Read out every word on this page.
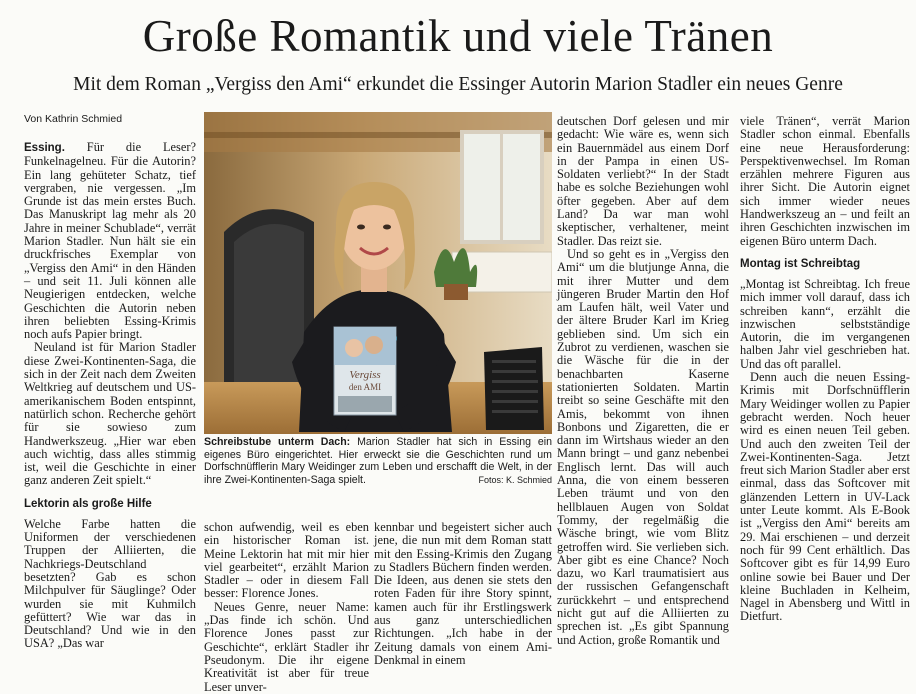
Große Romantik und viele Tränen
Mit dem Roman „Vergiss den Ami“ erkundet die Essinger Autorin Marion Stadler ein neues Genre
Von Kathrin Schmied

Essing. Für die Leser? Funkelnagelneu. Für die Autorin? Ein lang gehüteter Schatz, tief vergraben, nie vergessen. „Im Grunde ist das mein erstes Buch. Das Manuskript lag mehr als 20 Jahre in meiner Schublade“, verrät Marion Stadler. Nun hält sie ein druckfrisches Exemplar von „Vergiss den Ami“ in den Händen – und seit 11. Juli können alle Neugierigen entdecken, welche Geschichten die Autorin neben ihren beliebten Essing-Krimis noch aufs Papier bringt.

Neuland ist für Marion Stadler diese Zwei-Kontinenten-Saga, die sich in der Zeit nach dem Zweiten Weltkrieg auf deutschem und US-amerikanischem Boden entspinnt, natürlich schon. Recherche gehört für sie sowieso zum Handwerkszeug. „Hier war eben auch wichtig, dass alles stimmig ist, weil die Geschichte in einer ganz anderen Zeit spielt.“

Lektorin als große Hilfe

Welche Farbe hatten die Uniformen der verschiedenen Truppen der Alliierten, die Nachkriegs-Deutschland besetzten? Gab es schon Milchpulver für Säuglinge? Oder wurden sie mit Kuhmilch gefüttert? Wie war das in Deutschland? Und wie in den USA? „Das war

Vergiss
den AMI
Schreibstube unterm Dach: Marion Stadler hat sich in Essing ein eigenes Büro eingerichtet. Hier erweckt sie die Geschichten rund um Dorfschnüfflerin Mary Weidinger zum Leben und erschafft die Welt, in der ihre Zwei-Kontinenten-Saga spielt.	Fotos: K. Schmied

schon aufwendig, weil es eben ein historischer Roman ist. Meine Lektorin hat mit mir hier viel gearbeitet“, erzählt Marion Stadler – oder in diesem Fall besser: Florence Jones.

Neues Genre, neuer Name: „Das finde ich schön. Und Florence Jones passt zur Geschichte“, erklärt Stadler ihr Pseudonym. Die ihr eigene Kreativität ist aber für treue Leser unver-

kennbar und begeistert sicher auch jene, die nun mit dem Roman statt mit den Essing-Krimis den Zugang zu Stadlers Büchern finden werden. Die Ideen, aus denen sie stets den roten Faden für ihre Story spinnt, kamen auch für ihr Erstlingswerk aus ganz unterschiedlichen Richtungen. „Ich habe in der Zeitung damals von einem Ami-Denkmal in einem

deutschen Dorf gelesen und mir gedacht: Wie wäre es, wenn sich ein Bauernmädel aus einem Dorf in der Pampa in einen US-Soldaten verliebt?“ In der Stadt habe es solche Beziehungen wohl öfter gegeben. Aber auf dem Land? Da war man wohl skeptischer, verhaltener, meint Stadler. Das reizt sie.

Und so geht es in „Vergiss den Ami“ um die blutjunge Anna, die mit ihrer Mutter und dem jüngeren Bruder Martin den Hof am Laufen hält, weil Vater und der ältere Bruder Karl im Krieg geblieben sind. Um sich ein Zubrot zu verdienen, waschen sie die Wäsche für die in der benachbarten Kaserne stationierten Soldaten. Martin treibt so seine Geschäfte mit den Amis, bekommt von ihnen Bonbons und Zigaretten, die er dann im Wirtshaus wieder an den Mann bringt – und ganz nebenbei Englisch lernt. Das will auch Anna, die von einem besseren Leben träumt und von den hellblauen Augen von Soldat Tommy, der regelmäßig die Wäsche bringt, wie vom Blitz getroffen wird. Sie verlieben sich. Aber gibt es eine Chance? Noch dazu, wo Karl traumatisiert aus der russischen Gefangenschaft zurückkehrt – und entsprechend nicht gut auf die Alliierten zu sprechen ist. „Es gibt Spannung und Action, große Romantik und

viele Tränen“, verrät Marion Stadler schon einmal. Ebenfalls eine neue Herausforderung: Perspektivenwechsel. Im Roman erzählen mehrere Figuren aus ihrer Sicht. Die Autorin eignet sich immer wieder neues Handwerkszeug an – und feilt an ihren Geschichten inzwischen im eigenen Büro unterm Dach.

Montag ist Schreibtag

„Montag ist Schreibtag. Ich freue mich immer voll darauf, dass ich schreiben kann“, erzählt die inzwischen selbstständige Autorin, die im vergangenen halben Jahr viel geschrieben hat. Und das oft parallel.

Denn auch die neuen Essing-Krimis mit Dorfschnüfflerin Mary Weidinger wollen zu Papier gebracht werden. Noch heuer wird es einen neuen Teil geben. Und auch den zweiten Teil der Zwei-Kontinenten-Saga. Jetzt freut sich Marion Stadler aber erst einmal, dass das Softcover mit glänzenden Lettern in UV-Lack unter Leute kommt. Als E-Book ist „Vergiss den Ami“ bereits am 29. Mai erschienen – und derzeit noch für 99 Cent erhältlich. Das Softcover gibt es für 14,99 Euro online sowie bei Bauer und Der kleine Buchladen in Kelheim, Nagel in Abensberg und Wittl in Dietfurt.
